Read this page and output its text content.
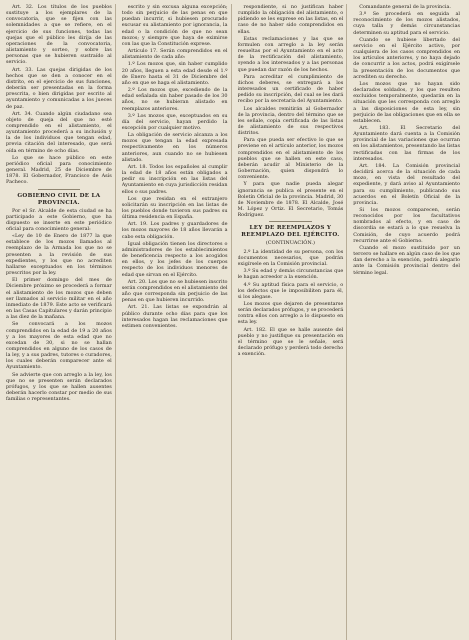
Art. 32. Los títulos de los pueblos sustituye a los ejemplares de la convocatoria, que se fijen con las solemnidades a que se refiere, en el ejercicio de sus funciones, todas las quejas que el público les dirija de las operaciones de la convocatoria, alistamiento y sorteo, y sobre las personas que se hubieren sustraído al servicio.

Art. 33. Las quejas dirigidas de los hechos que se den a conocer en el distrito, en el ejercicio de sus funciones, deberán ser presentadas en la forma prescrita, o bien dirigidas por escrito al ayuntamiento y comunicadas a los jueces de paz.

Art. 34. Cuando algún ciudadano sea objeto de queja del que no esté comprendido en el alistamiento, el ayuntamiento procederá a su inclusión y la de los individuos que tengan edad, previa citación del interesado, que será oída en término de ocho días.

Lo que se hace público en este periódico oficial para conocimiento general. Madrid, 25 de Diciembre de 1878. El Gobernador, Francisco de Asís Pacheco.

GOBIERNO CIVIL DE LA PROVINCIA.

Por el Sr. Alcalde de esta ciudad se ha participado a este Gobierno, que ha dispuesto se inserte en este periódico oficial para conocimiento general:

«Ley de 10 de Enero de 1877 la que establece de los mozos llamados al reemplazo de la Armada los que no se presenten a la revisión de sus expedientes, y los que no acrediten hallarse exceptuados en los términos prescritos por la ley.

El primer domingo del mes de Diciembre próximo se procederá a formar el alistamiento de los mozos que deben ser llamados al servicio militar en el año inmediato de 1879. Este acto se verificará en las Casas Capitulares y darán principio a las diez de la mañana.

Se convocará a los mozos comprendidos en la edad de 19 a 20 años y a los mayores de esta edad que no excedan de 30, si no se hallan comprendidos en alguno de los casos de la ley, y a sus padres, tutores o curadores, los cuales deberán comparecer ante el Ayuntamiento.

Se advierte que con arreglo a la ley, los que no se presenten serán declarados prófugos, y los que se hallen ausentes deberán hacerlo constar por medio de sus familias o representantes.

escrito y sin excusa alguna excepción; todo sin perjuicio de las penas en que puedan incurrir, si hubiesen procurado excusar su alistamiento por ignorancia, la edad o la condición de que no sean mozos; y siempre que haya de eximirse con las que la Constitución exprese.

Artículo 17. Serán comprendidos en el alistamiento de cada año:

1.º Los mozos que, sin haber cumplido 20 años, lleguen a esta edad desde el 1.º de Enero hasta el 31 de Diciembre del año en que se haga el alistamiento.

2.º Los mozos que, excediendo de la edad señalada sin haber pasado de los 30 años, no se hubieran alistado en reemplazos anteriores.

3.º Los mozos que, exceptuados en su día del servicio, hayan perdido la excepción por cualquier motivo.

La obligación de servicio alcanza a los mozos que tengan la edad expresada respectivamente en los números anteriores, aun cuando no se hubiesen alistado.

Art. 18. Todos los españoles al cumplir la edad de 18 años están obligados a pedir su inscripción en las listas del Ayuntamiento en cuya jurisdicción residan ellos o sus padres.

Los que residan en el extranjero solicitarán su inscripción en las listas de los pueblos donde tuvieron sus padres su última residencia en España.

Art. 19. Los padres y guardadores de los mozos mayores de 18 años llevarán a cabo esta obligación.

Igual obligación tienen los directores o administradores de los establecimientos de beneficencia respecto a los acogidos en ellos, y los jefes de los cuerpos respecto de los individuos menores de edad que sirvan en el Ejército.

Art. 20. Los que no se hubiesen inscrito serán comprendidos en el alistamiento del año que corresponda sin perjuicio de las penas en que hubieren incurrido.

Art. 21. Las listas se expondrán al público durante ocho días para que los interesados hagan las reclamaciones que estimen convenientes.

respondiente, si no justifican haber cumplido la obligación del alistamiento, o pidiendo se les exprese en las listas, en el caso de no haber sido comprendidos en ellas.

Estas reclamaciones y las que se formulen con arreglo a la ley serán resueltas por el Ayuntamiento en el acto de la rectificación del alistamiento, oyendo a los interesados y a las personas que puedan dar razón de los hechos.

Para acreditar el cumplimiento de dichos deberes, se entregará a los interesados un certificado de haber pedido su inscripción, del cual se les dará recibo por la secretaría del Ayuntamiento.

Los alcaldes remitirán al Gobernador de la provincia, dentro del término que se les señale, copia certificada de las listas de alistamiento de sus respectivos distritos.

Para que pueda ser efectivo lo que se previene en el artículo anterior, los mozos comprendidos en el alistamiento de los pueblos que se hallen en este caso, deberán acudir al Ministerio de la Gobernación, quien dispondrá lo conveniente.

Y para que nadie pueda alegar ignorancia se publica el presente en el Boletín Oficial de la provincia. Madrid, 30 de Noviembre de 1878. El Alcalde, José M. López y Ortiz. El Secretario, Tomás Rodríguez.

LEY DE REEMPLAZOS Y REEMPLAZO DEL EJÉRCITO.
(CONTINUACIÓN.)

2.º La identidad de su persona, con los documentos necesarios, que podrán exigírsele en la Comisión provincial.

3.º Su edad y demás circunstancias que le hagan acreedor a la exención.

4.º Su aptitud física para el servicio, o los defectos que le imposibiliten para él, si los alegase.

Los mozos que dejaren de presentarse serán declarados prófugos, y se procederá contra ellos con arreglo a lo dispuesto en esta ley.

Art. 182. El que se halle ausente del pueblo y no justifique su presentación en el término que se le señale, será declarado prófugo y perderá todo derecho a exención.

Comandante general de la provincia.

3.º Se procederá en seguida al reconocimiento de los mozos alistados, cuya talla y demás circunstancias determinen su aptitud para el servicio.

Cuando se hubiese libertado del servicio en el Ejército activo, por cualquiera de los casos comprendidos en los artículos anteriores, y no haya dejado de concurrir a los actos, podrá exigírsele la presentación de los documentos que acrediten su derecho.

Los mozos que no hayan sido declarados soldados, y los que resulten excluidos temporalmente, quedarán en la situación que les corresponda con arreglo a las disposiciones de esta ley, sin perjuicio de las obligaciones que en ella se establecen.

Art. 183. El Secretario del Ayuntamiento dará cuenta a la Comisión provincial de las variaciones que ocurran en los alistamientos, presentando las listas rectificadas con las firmas de los interesados.

Art. 184. La Comisión provincial decidirá acerca de la situación de cada mozo, en vista del resultado del expediente, y dará aviso al Ayuntamiento para su cumplimiento, publicando sus acuerdos en el Boletín Oficial de la provincia.

Si los mozos comparecen, serán reconocidos por los facultativos nombrados al efecto, y en caso de discordia se estará a lo que resuelva la Comisión, de cuyo acuerdo podrá recurrirse ante el Gobierno.

Cuando el mozo sustituido por un tercero se hallare en algún caso de los que dan derecho a la exención, podrá alegarlo ante la Comisión provincial dentro del término legal.
